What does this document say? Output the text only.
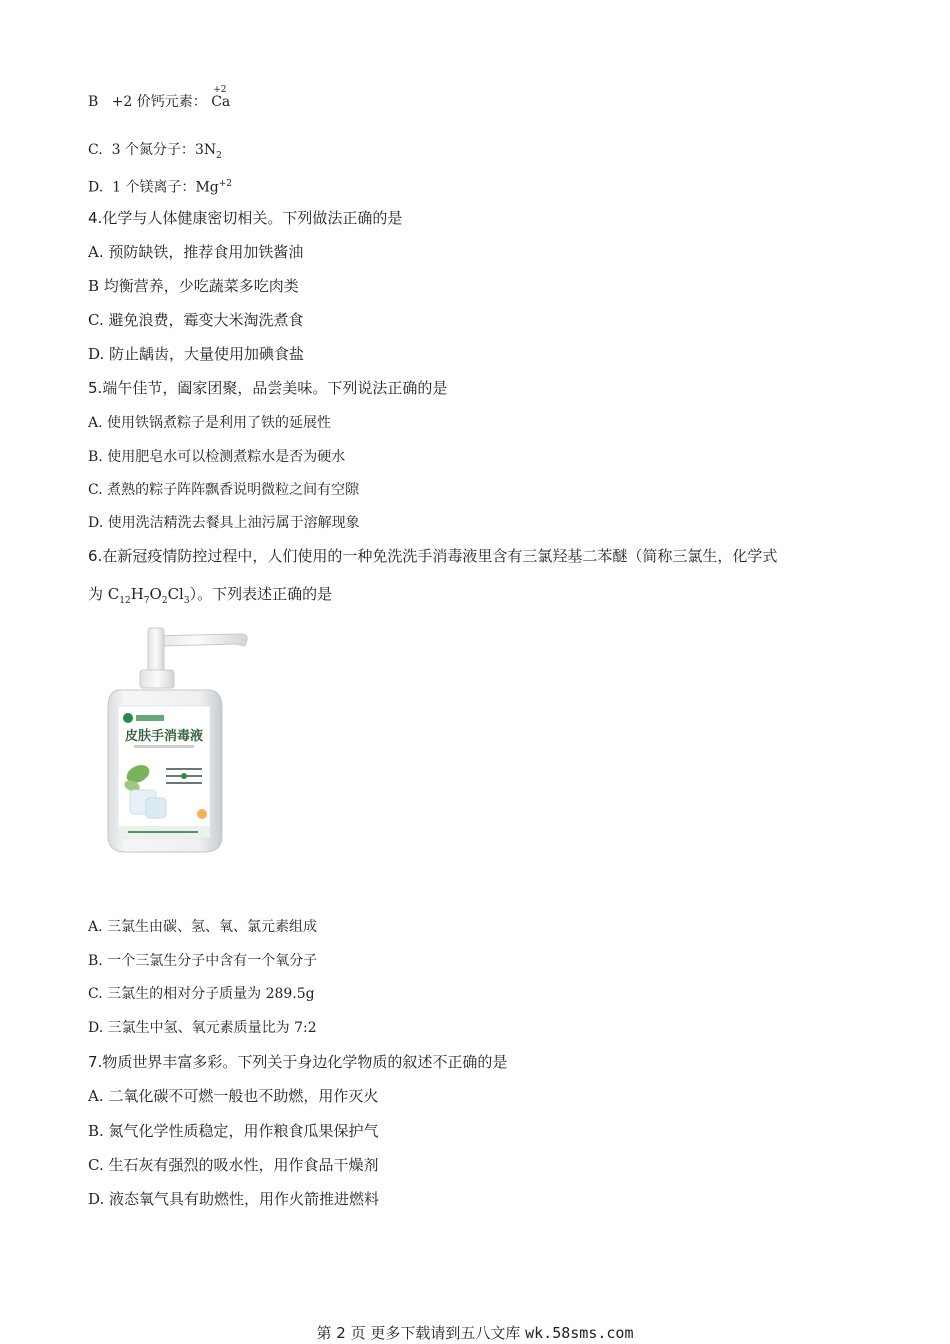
B +2 价钙元素：
+2
Ca
C. 3 个氮分子：$3N_2$
D. 1 个镁离子：$Mg^{+2}$
4.化学与人体健康密切相关。下列做法正确的是
A. 预防缺铁，推荐食用加铁酱油
B 均衡营养，少吃蔬菜多吃肉类
C. 避免浪费，霉变大米淘洗煮食
D. 防止龋齿，大量使用加碘食盐
5.端午佳节，阖家团聚，品尝美味。下列说法正确的是
A. 使用铁锅煮粽子是利用了铁的延展性
B. 使用肥皂水可以检测煮粽水是否为硬水
C. 煮熟的粽子阵阵飘香说明微粒之间有空隙
D. 使用洗洁精洗去餐具上油污属于溶解现象
6.在新冠疫情防控过程中，人们使用的一种免洗洗手消毒液里含有三氯羟基二苯醚（简称三氯生，化学式
为 $C_{12}H_7O_2Cl_3$）。下列表述正确的是
皮肤手消毒液
A. 三氯生由碳、氢、氧、氯元素组成
B. 一个三氯生分子中含有一个氧分子
C. 三氯生的相对分子质量为 289.5g
D. 三氯生中氢、氧元素质量比为 7:2
7.物质世界丰富多彩。下列关于身边化学物质的叙述不正确的是
A. 二氧化碳不可燃一般也不助燃，用作灭火
B. 氮气化学性质稳定，用作粮食瓜果保护气
C. 生石灰有强烈的吸水性，用作食品干燥剂
D. 液态氧气具有助燃性，用作火箭推进燃料
第 2 页 更多下载请到五八文库 wk.58sms.com
